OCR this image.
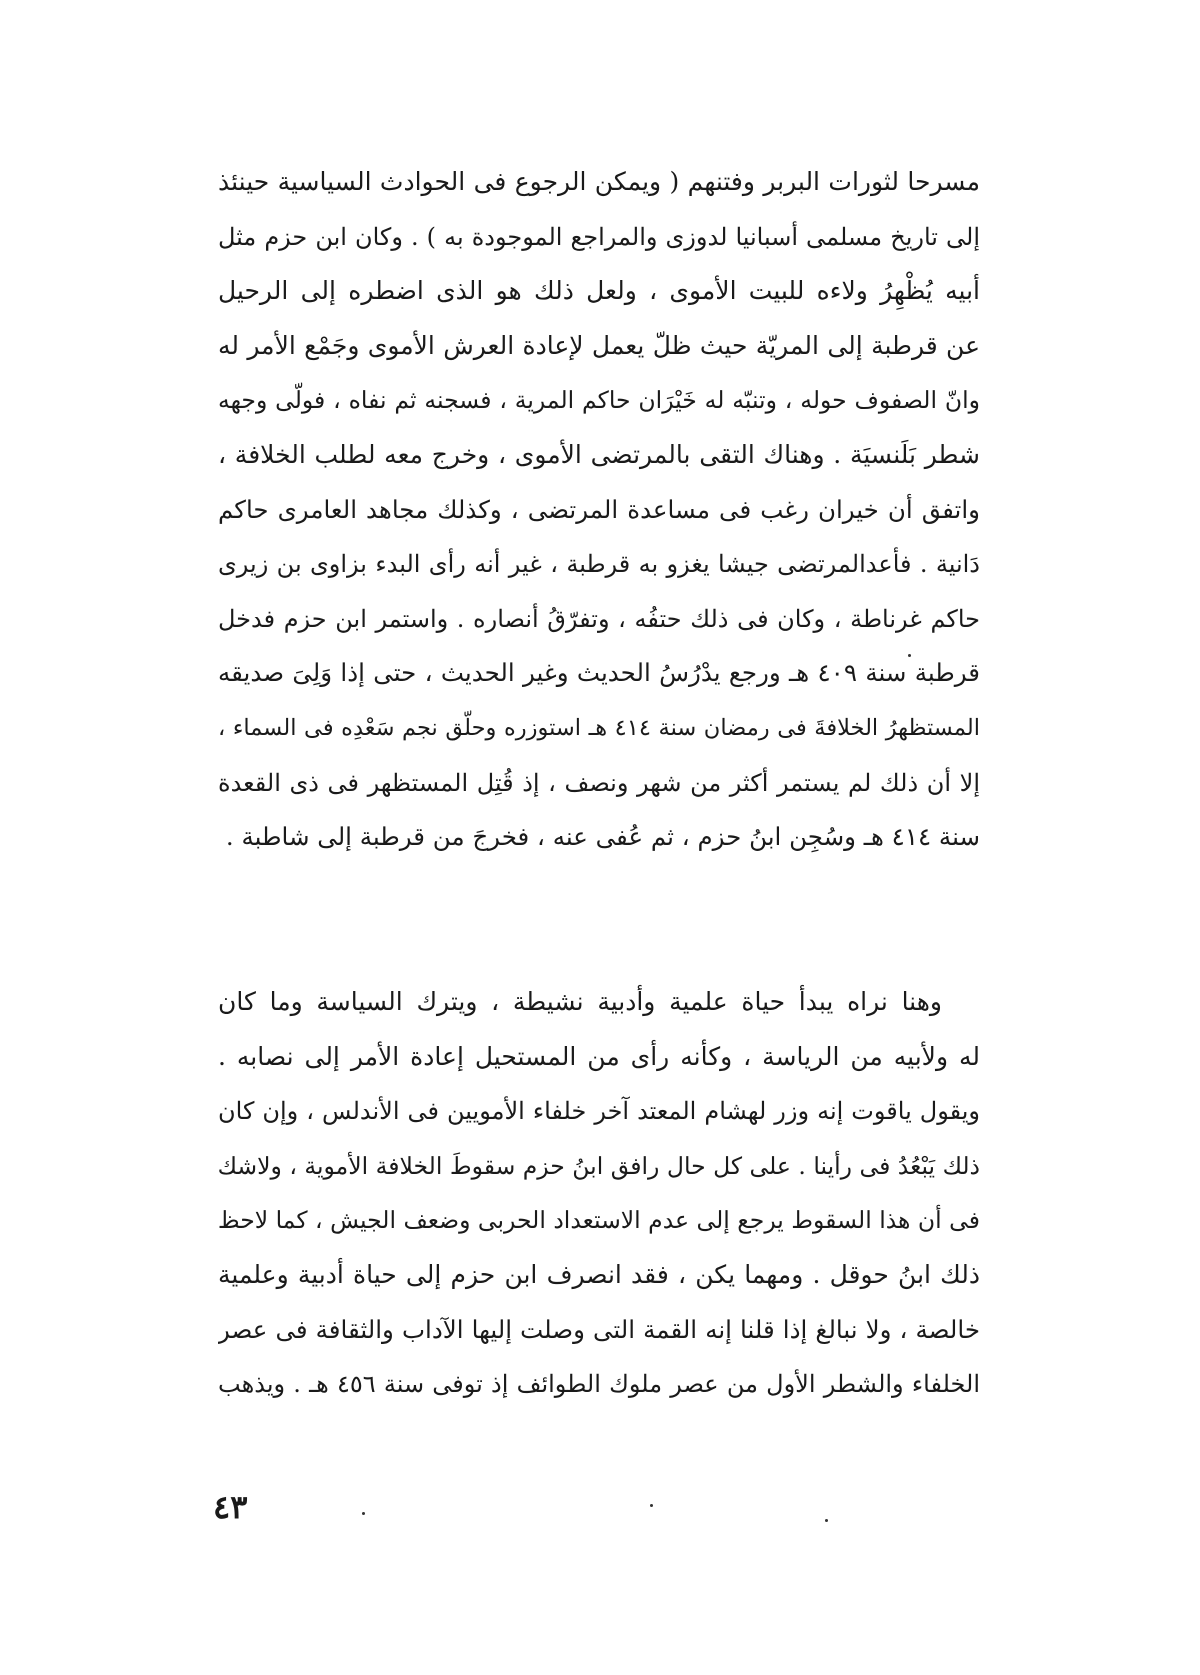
مسرحا لثورات البربر وفتنهم ( ويمكن الرجوع فى الحوادث السياسية حينئذ
إلى تاريخ مسلمى أسبانيا لدوزى والمراجع الموجودة به ) . وكان ابن حزم مثل
أبيه يُظْهِرُ ولاءه للبيت الأموى ، ولعل ذلك هو الذى اضطره إلى الرحيل
عن قرطبة إلى المريّة حيث ظلّ يعمل لإعادة العرش الأموى وجَمْع الأمر له
وانّ الصفوف حوله ، وتنبّه له خَيْرَان حاكم المرية ، فسجنه ثم نفاه ، فولّى وجهه
شطر بَلَنسيَة . وهناك التقى بالمرتضى الأموى ، وخرج معه لطلب الخلافة ،
واتفق أن خيران رغب فى مساعدة المرتضى ، وكذلك مجاهد العامرى حاكم
دَانية . فأعدالمرتضى جيشا يغزو به قرطبة ، غير أنه رأى البدء بزاوى بن زيرى
حاكم غرناطة ، وكان فى ذلك حتفُه ، وتفرّقُ أنصاره . واستمر ابن حزم فدخل
قرطبة سنة ٤٠٩ هـ ورجع يدْرُسُ الحديث وغير الحديث ، حتى إذا وَلِىَ صديقه
المستظهرُ الخلافةَ فى رمضان سنة ٤١٤ هـ استوزره وحلّق نجم سَعْدِه فى السماء ،
إلا أن ذلك لم يستمر أكثر من شهر ونصف ، إذ قُتِل المستظهر فى ذى القعدة
سنة ٤١٤ هـ وسُجِن ابنُ حزم ، ثم عُفى عنه ، فخرجَ من قرطبة إلى شاطبة .
وهنا نراه يبدأ حياة علمية وأدبية نشيطة ، ويترك السياسة وما كان
له ولأبيه من الرياسة ، وكأنه رأى من المستحيل إعادة الأمر إلى نصابه .
ويقول ياقوت إنه وزر لهشام المعتد آخر خلفاء الأمويين فى الأندلس ، وإن كان
ذلك يَبْعُدُ فى رأينا . على كل حال رافق ابنُ حزم سقوطَ الخلافة الأموية ، ولاشك
فى أن هذا السقوط يرجع إلى عدم الاستعداد الحربى وضعف الجيش ، كما لاحظ
ذلك ابنُ حوقل . ومهما يكن ، فقد انصرف ابن حزم إلى حياة أدبية وعلمية
خالصة ، ولا نبالغ إذا قلنا إنه القمة التى وصلت إليها الآداب والثقافة فى عصر
الخلفاء والشطر الأول من عصر ملوك الطوائف إذ توفى سنة ٤٥٦ هـ . ويذهب
٤٣
